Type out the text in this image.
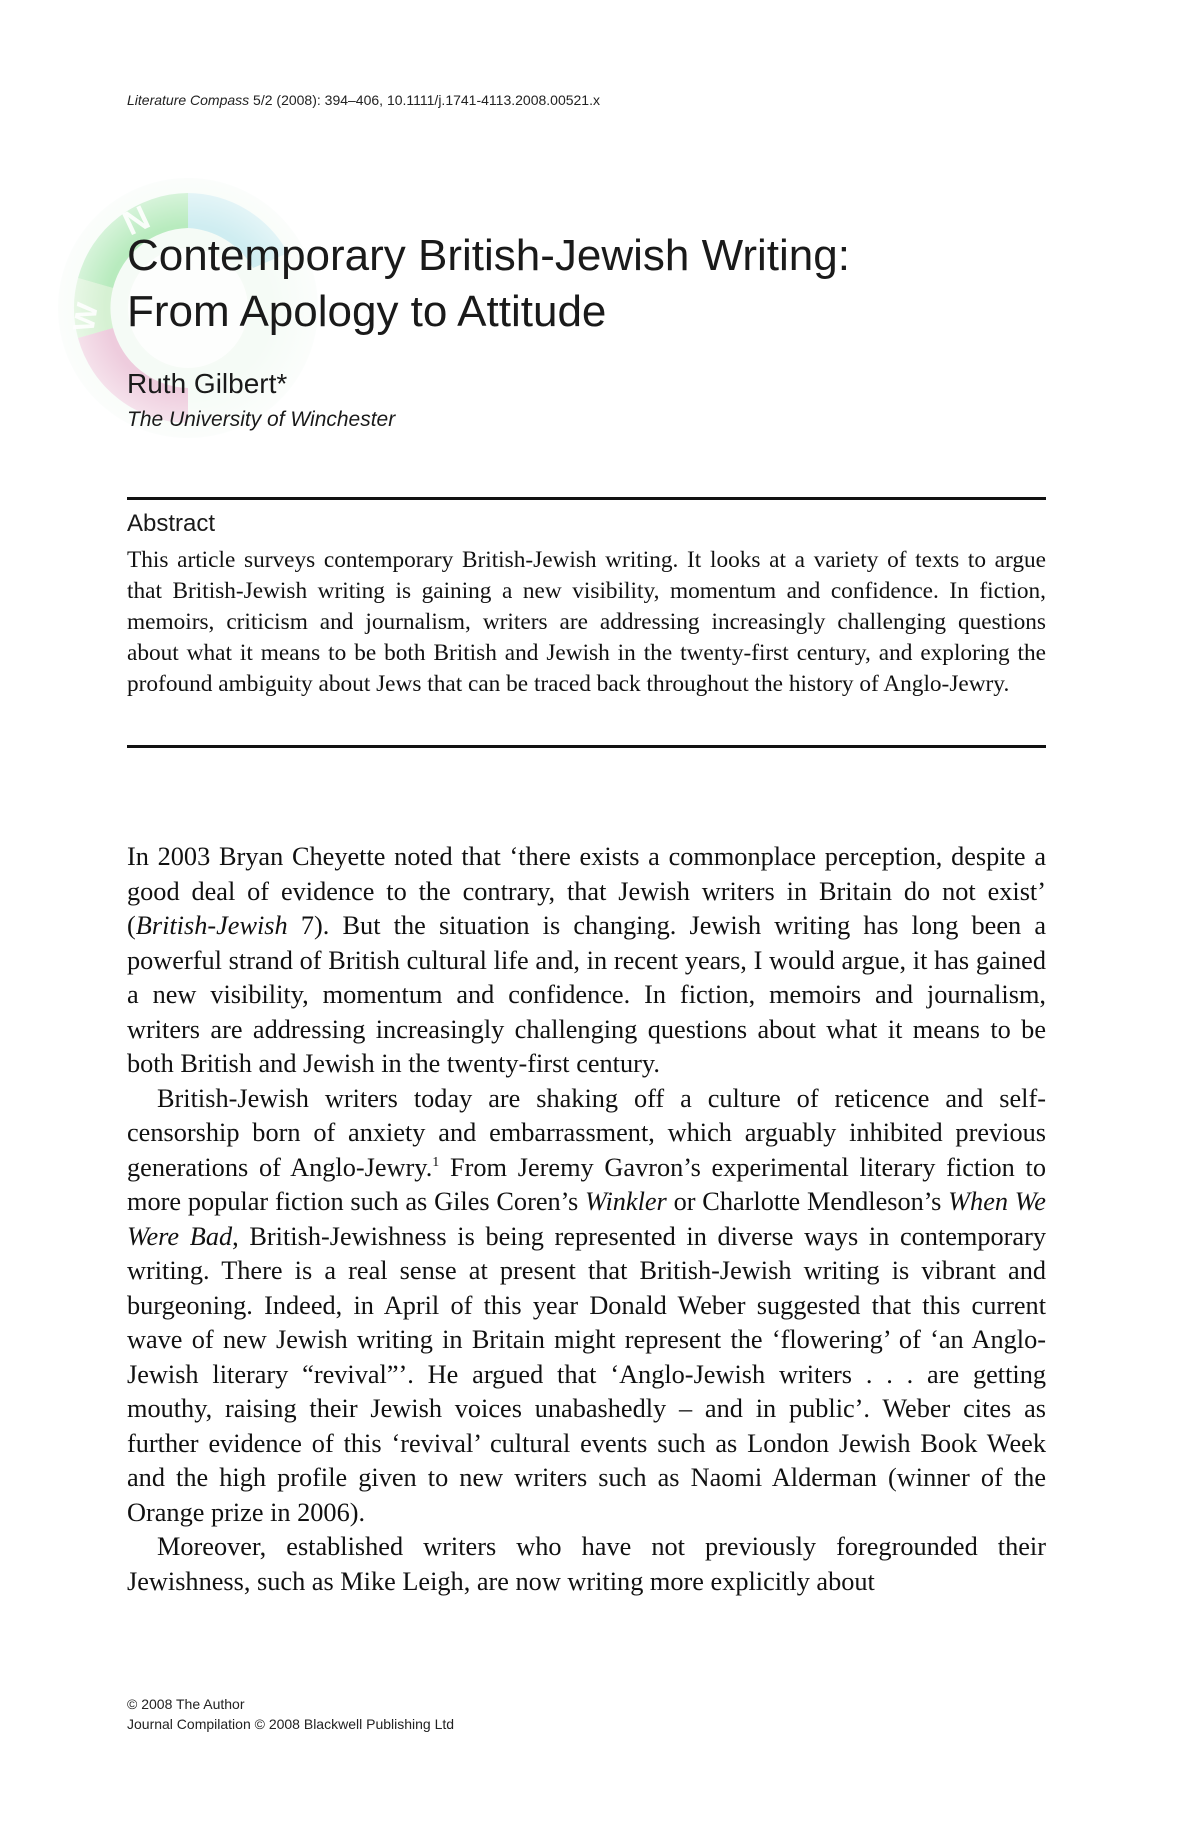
Literature Compass 5/2 (2008): 394–406, 10.1111/j.1741-4113.2008.00521.x
Contemporary British-Jewish Writing:
From Apology to Attitude
Ruth Gilbert*
The University of Winchester
Abstract

This article surveys contemporary British-Jewish writing. It looks at a variety of texts to argue that British-Jewish writing is gaining a new visibility, momentum and confidence. In fiction, memoirs, criticism and journalism, writers are addressing increasingly challenging questions about what it means to be both British and Jewish in the twenty-first century, and exploring the profound ambiguity about Jews that can be traced back throughout the history of Anglo-Jewry.

In 2003 Bryan Cheyette noted that ‘there exists a commonplace perception, despite a good deal of evidence to the contrary, that Jewish writers in Britain do not exist’ (British-Jewish 7). But the situation is changing. Jewish writing has long been a powerful strand of British cultural life and, in recent years, I would argue, it has gained a new visibility, momentum and confidence. In fiction, memoirs and journalism, writers are addressing increasingly challenging questions about what it means to be both British and Jewish in the twenty-first century.

British-Jewish writers today are shaking off a culture of reticence and self-censorship born of anxiety and embarrassment, which arguably inhibited previous generations of Anglo-Jewry.$^1$ From Jeremy Gavron’s experimental literary fiction to more popular fiction such as Giles Coren’s Winkler or Charlotte Mendleson’s When We Were Bad, British-Jewishness is being represented in diverse ways in contemporary writing. There is a real sense at present that British-Jewish writing is vibrant and burgeoning. Indeed, in April of this year Donald Weber suggested that this current wave of new Jewish writing in Britain might represent the ‘flowering’ of ‘an Anglo-Jewish literary “revival”’. He argued that ‘Anglo-Jewish writers . . . are getting mouthy, raising their Jewish voices unabashedly – and in public’. Weber cites as further evidence of this ‘revival’ cultural events such as London Jewish Book Week and the high profile given to new writers such as Naomi Alderman (winner of the Orange prize in 2006).

Moreover, established writers who have not previously foregrounded their Jewishness, such as Mike Leigh, are now writing more explicitly about

© 2008 The Author
Journal Compilation © 2008 Blackwell Publishing Ltd
